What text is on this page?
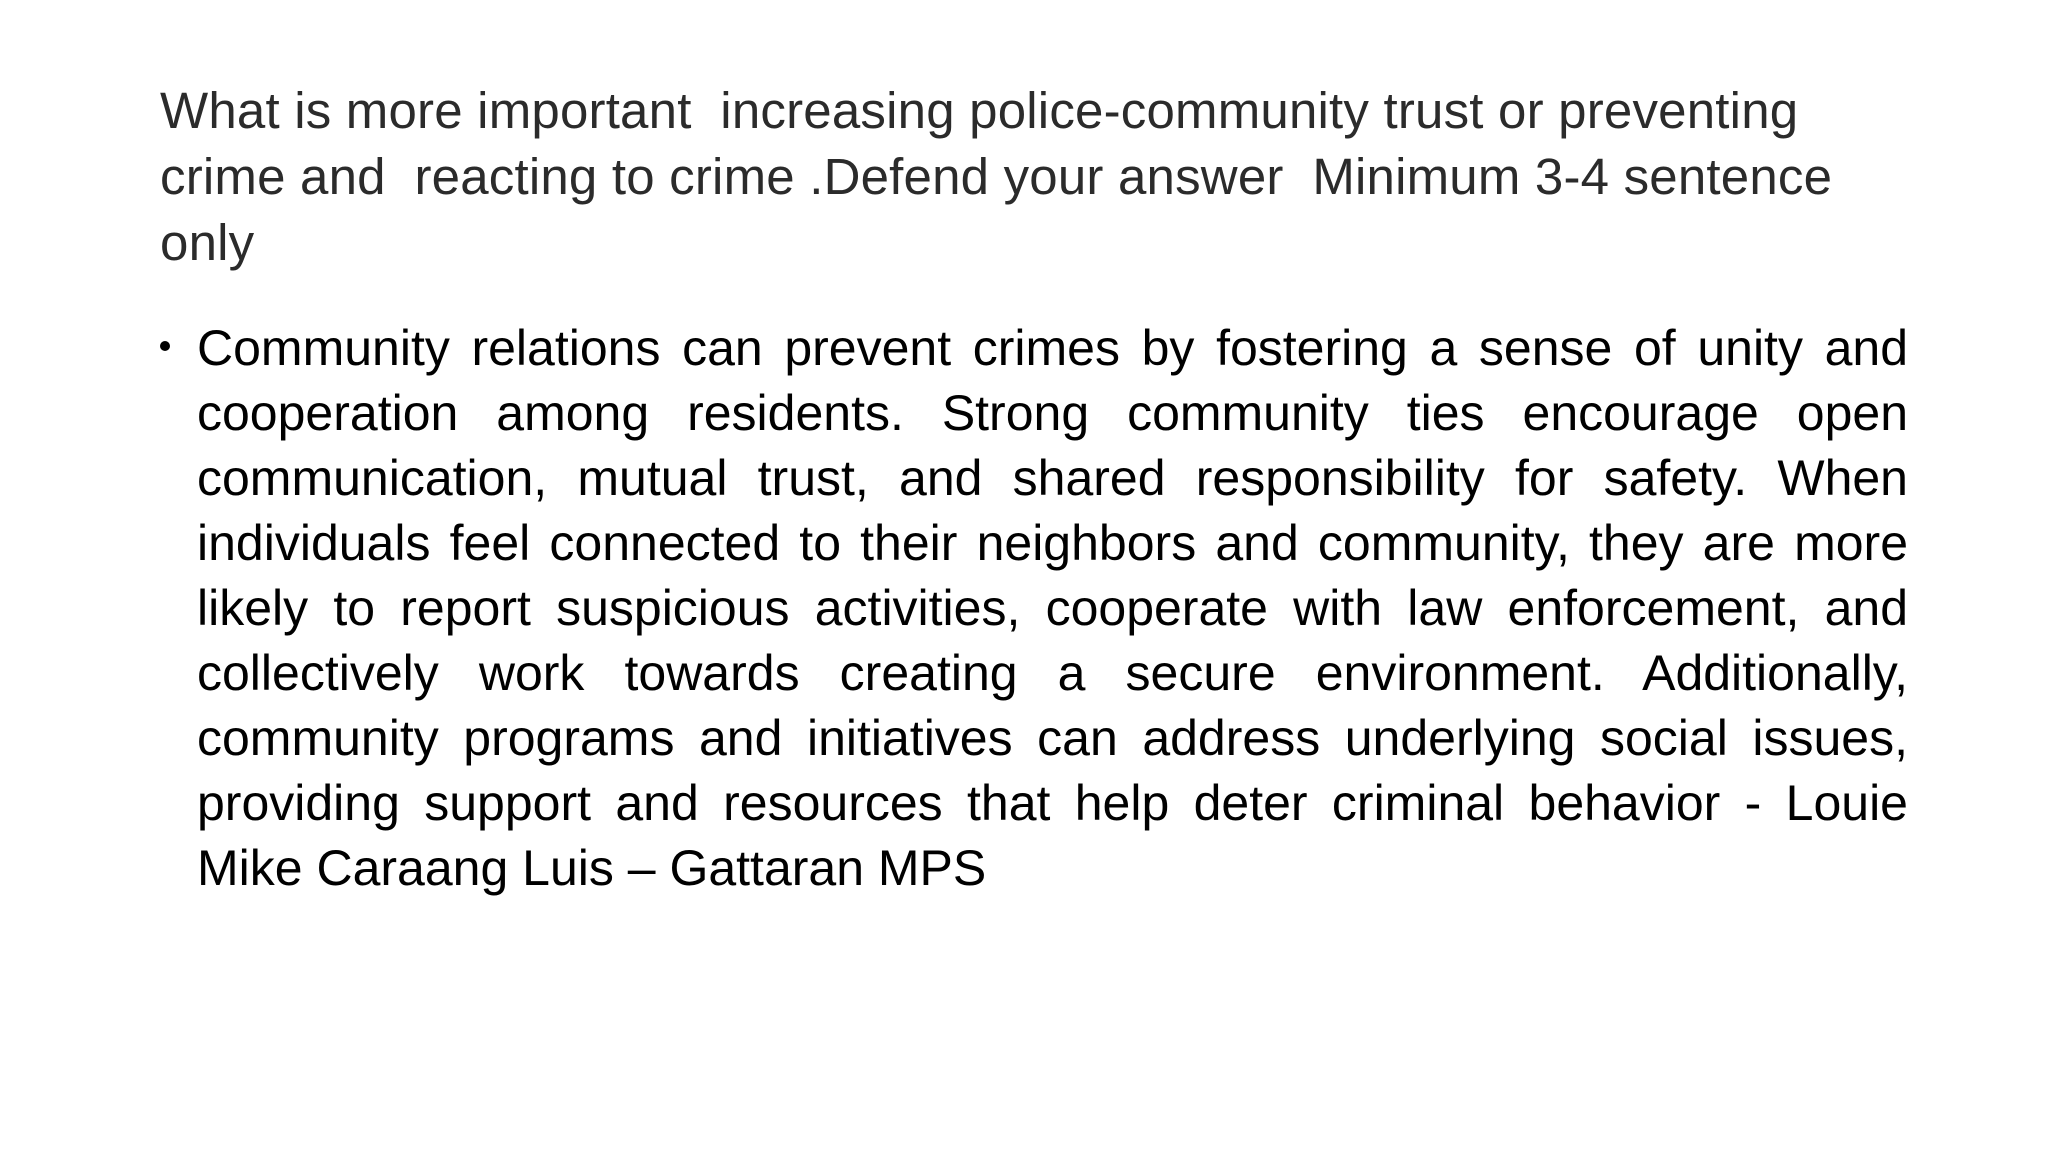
What is more important  increasing police-community trust or preventing crime and  reacting to crime .Defend your answer  Minimum 3-4 sentence only
Community relations can prevent crimes by fostering a sense of unity and cooperation among residents. Strong community ties encourage open communication, mutual trust, and shared responsibility for safety. When individuals feel connected to their neighbors and community, they are more likely to report suspicious activities, cooperate with law enforcement, and collectively work towards creating a secure environment. Additionally, community programs and initiatives can address underlying social issues, providing support and resources that help deter criminal behavior - Louie Mike Caraang Luis – Gattaran MPS
